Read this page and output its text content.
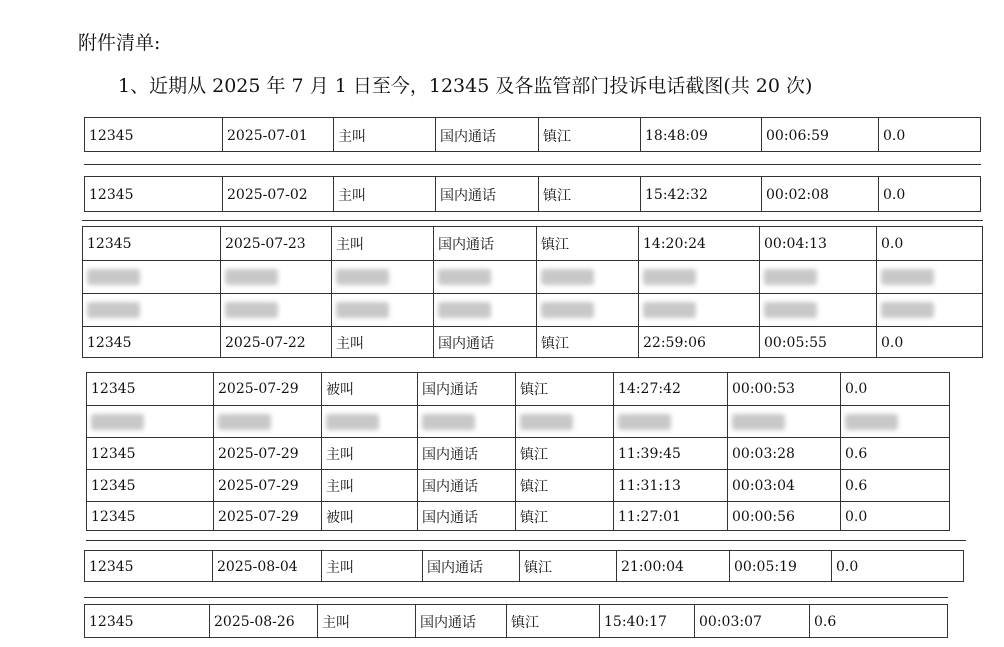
附件清单:
1、近期从 2025 年 7 月 1 日至今，12345 及各监管部门投诉电话截图(共 20 次)
12345	2025-07-01 主叫	国内通话	镇江	18:48:09	00:06:59	0.0
12345	2025-07-02 主叫	国内通话	镇江	15:42:32	00:02:08	0.0
12345	2025-07-23 主叫	国内通话	镇江	14:20:24	00:04:13	0.0

12345	2025-07-22 主叫	国内通话	镇江	22:59:06	00:05:55	0.0
12345	2025-07-29 被叫	国内通话	镇江	14:27:42	00:00:53	0.0

12345	2025-07-29 主叫	国内通话	镇江	11:39:45	00:03:28	0.6
12345	2025-07-29 主叫	国内通话	镇江	11:31:13	00:03:04	0.6
12345	2025-07-29 被叫	国内通话	镇江	11:27:01	00:00:56	0.0
12345	2025-08-04 主叫	国内通话	镇江	21:00:04	00:05:19	0.0
12345	2025-08-26 主叫	国内通话	镇江	15:40:17 00:03:07	0.6
